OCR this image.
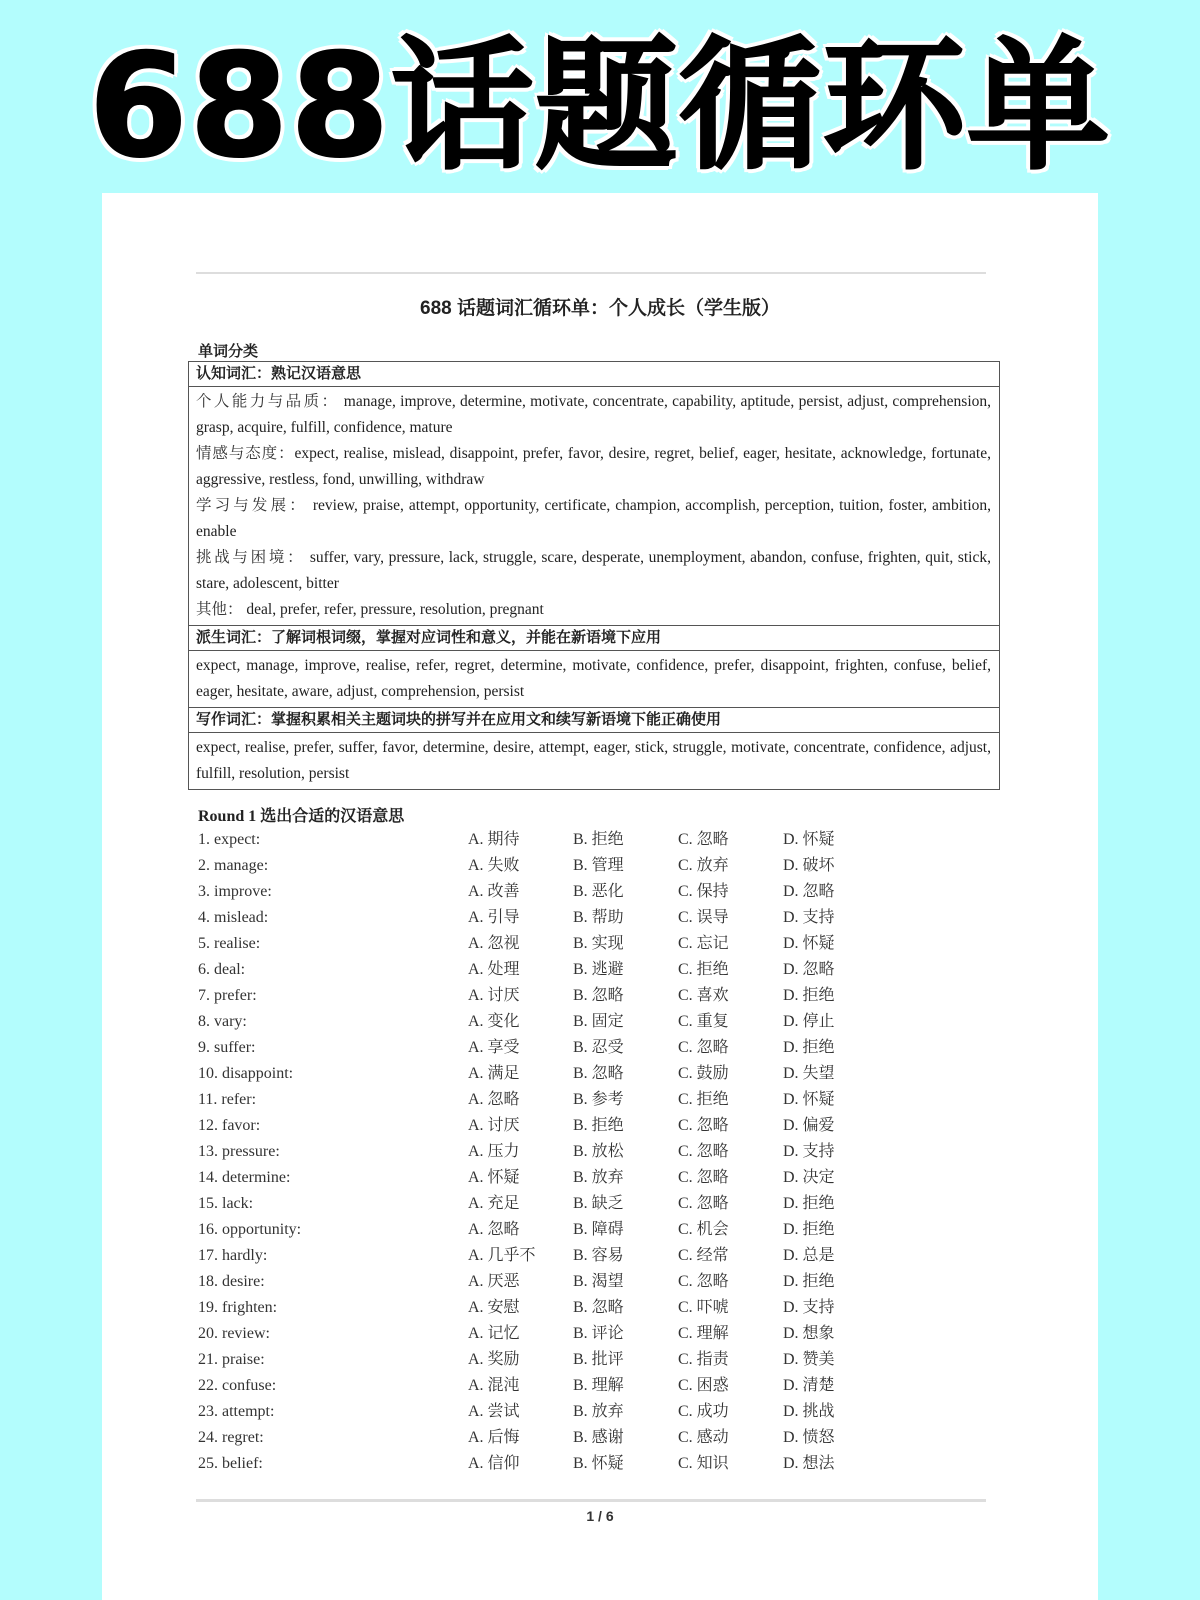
688话题循环单
688 话题词汇循环单：个人成长（学生版）
单词分类
认知词汇：熟记汉语意思

个人能力与品质： manage, improve, determine, motivate, concentrate, capability, aptitude, persist, adjust, comprehension, grasp, acquire, fulfill, confidence, mature
情感与态度：expect, realise, mislead, disappoint, prefer, favor, desire, regret, belief, eager, hesitate, acknowledge, fortunate, aggressive, restless, fond, unwilling, withdraw
学习与发展： review, praise, attempt, opportunity, certificate, champion, accomplish, perception, tuition, foster, ambition, enable
挑战与困境： suffer, vary, pressure, lack, struggle, scare, desperate, unemployment, abandon, confuse, frighten, quit, stick, stare, adolescent, bitter
其他： deal, prefer, refer, pressure, resolution, pregnant

派生词汇：了解词根词缀，掌握对应词性和意义，并能在新语境下应用
expect, manage, improve, realise, refer, regret, determine, motivate, confidence, prefer, disappoint, frighten, confuse, belief, eager, hesitate, aware, adjust, comprehension, persist
写作词汇：掌握积累相关主题词块的拼写并在应用文和续写新语境下能正确使用
expect, realise, prefer, suffer, favor, determine, desire, attempt, eager, stick, struggle, motivate, concentrate, confidence, adjust, fulfill, resolution, persist
Round 1 选出合适的汉语意思
1. expect:	A. 期待	B. 拒绝	C. 忽略	D. 怀疑
2. manage:	A. 失败	B. 管理	C. 放弃	D. 破坏
3. improve:	A. 改善	B. 恶化	C. 保持	D. 忽略
4. mislead:	A. 引导	B. 帮助	C. 误导	D. 支持
5. realise:	A. 忽视	B. 实现	C. 忘记	D. 怀疑
6. deal:	A. 处理	B. 逃避	C. 拒绝	D. 忽略
7. prefer:	A. 讨厌	B. 忽略	C. 喜欢	D. 拒绝
8. vary:	A. 变化	B. 固定	C. 重复	D. 停止
9. suffer:	A. 享受	B. 忍受	C. 忽略	D. 拒绝
10. disappoint:	A. 满足	B. 忽略	C. 鼓励	D. 失望
11. refer:	A. 忽略	B. 参考	C. 拒绝	D. 怀疑
12. favor:	A. 讨厌	B. 拒绝	C. 忽略	D. 偏爱
13. pressure:	A. 压力	B. 放松	C. 忽略	D. 支持
14. determine:	A. 怀疑	B. 放弃	C. 忽略	D. 决定
15. lack:	A. 充足	B. 缺乏	C. 忽略	D. 拒绝
16. opportunity:	A. 忽略	B. 障碍	C. 机会	D. 拒绝
17. hardly:	A. 几乎不 B. 容易	C. 经常	D. 总是
18. desire:	A. 厌恶	B. 渴望	C. 忽略	D. 拒绝
19. frighten:	A. 安慰	B. 忽略	C. 吓唬	D. 支持
20. review:	A. 记忆	B. 评论	C. 理解	D. 想象
21. praise:	A. 奖励	B. 批评	C. 指责	D. 赞美
22. confuse:	A. 混沌	B. 理解	C. 困惑	D. 清楚
23. attempt:	A. 尝试	B. 放弃	C. 成功	D. 挑战
24. regret:	A. 后悔	B. 感谢	C. 感动	D. 愤怒
25. belief:	A. 信仰	B. 怀疑	C. 知识	D. 想法
1 / 6
